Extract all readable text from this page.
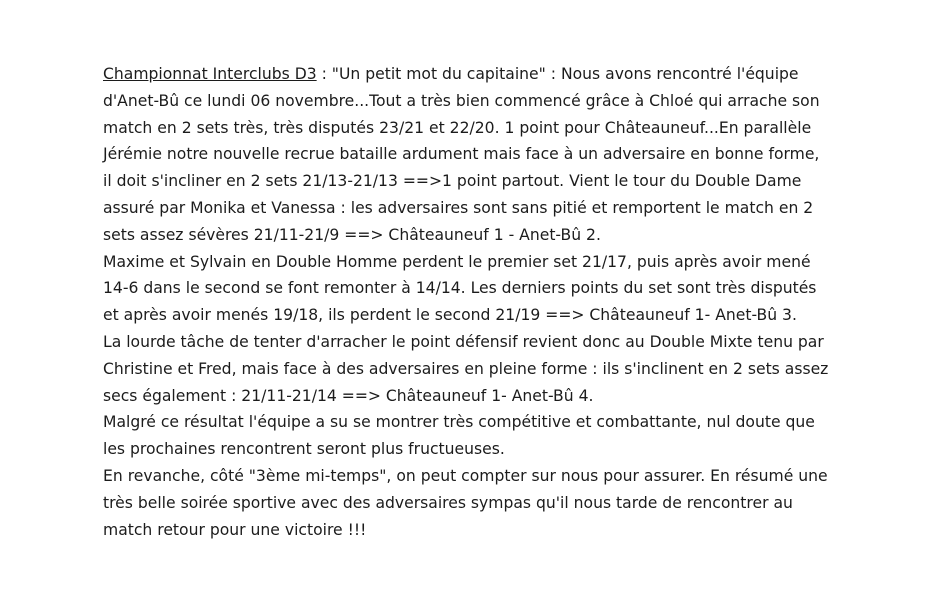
Championnat Interclubs D3 : "Un petit mot du capitaine" : Nous avons rencontré l'équipe
d'Anet-Bû ce lundi 06 novembre...Tout a très bien commencé grâce à Chloé qui arrache son
match en 2 sets très, très disputés 23/21 et 22/20. 1 point pour Châteauneuf...En parallèle
Jérémie notre nouvelle recrue bataille ardument mais face à un adversaire en bonne forme,
il doit s'incliner en 2 sets 21/13-21/13 ==>1 point partout. Vient le tour du Double Dame
assuré par Monika et Vanessa : les adversaires sont sans pitié et remportent le match en 2
sets assez sévères 21/11-21/9 ==> Châteauneuf 1 - Anet-Bû 2.
Maxime et Sylvain en Double Homme perdent le premier set 21/17, puis après avoir mené
14-6 dans le second se font remonter à 14/14. Les derniers points du set sont très disputés
et après avoir menés 19/18, ils perdent le second 21/19 ==> Châteauneuf 1- Anet-Bû 3.
La lourde tâche de tenter d'arracher le point défensif revient donc au Double Mixte tenu par
Christine et Fred, mais face à des adversaires en pleine forme : ils s'inclinent en 2 sets assez
secs également : 21/11-21/14 ==> Châteauneuf 1- Anet-Bû 4.
Malgré ce résultat l'équipe a su se montrer très compétitive et combattante, nul doute que
les prochaines rencontrent seront plus fructueuses.
En revanche, côté "3ème mi-temps", on peut compter sur nous pour assurer. En résumé une
très belle soirée sportive avec des adversaires sympas qu'il nous tarde de rencontrer au
match retour pour une victoire !!!
